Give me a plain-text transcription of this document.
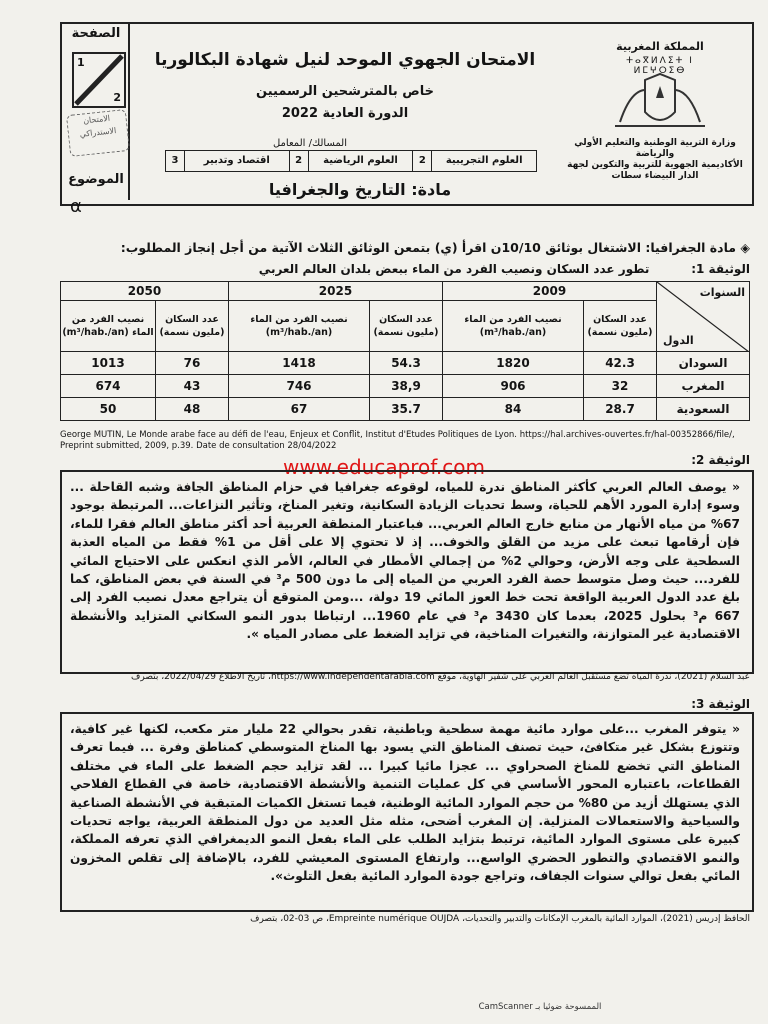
الصفحة
1
2
الامتحان الاستدراكي
الموضوع
الامتحان الجهوي الموحد لنيل شهادة البكالوريا
خاص بالمترشحين الرسميين
الدورة العادية 2022
المسالك/ المعامل
العلوم التجريبية
2
العلوم الرياضية
2
اقتصاد وتدبير
3
مادة: التاريخ والجغرافيا
المملكة المغربية
ⵜⴰⴳⵍⴷⵉⵜ ⵏ ⵍⵎⵖⵔⵉⴱ
وزارة التربية الوطنية والتعليم الأولي والرياضة
الأكاديمية الجهوية للتربية والتكوين لجهة الدار البيضاء سطات
α
◈ مادة الجغرافيا: الاشتغال بوثائق 10/10ن اقرأ (ي) بتمعن الوثائق الثلاث الآتية من أجل إنجاز المطلوب:
الوثيقة 1:          تطور عدد السكان ونصيب الفرد من الماء ببعض بلدان العالم العربي
السنوات
الدول	2009		2025		2050	
	عدد السكان (مليون نسمة)	نصيب الفرد من الماء (m³/hab./an)	عدد السكان (مليون نسمة)	نصيب الفرد من الماء (m³/hab./an)	عدد السكان (مليون نسمة)	نصيب الفرد من الماء (m³/hab./an)
السودان	42.3	1820	54.3	1418	76	1013
المغرب	32	906	38,9	746	43	674
السعودية	28.7	84	35.7	67	48	50
George MUTIN, Le Monde arabe face au défi de l'eau, Enjeux et Conflit, Institut d'Etudes Politiques de Lyon. https://hal.archives-ouvertes.fr/hal-00352866/file/, Preprint submitted, 2009, p.39. Date de consultation 28/04/2022
www.educaprof.com	الوثيقة 2:
« يوصف العالم العربي كأكثر المناطق ندرة للمياه، لوقوعه جغرافيا في حزام المناطق الجافة وشبه القاحلة ... وسوء إدارة المورد الأهم للحياة، وسط تحديات الزيادة السكانية، وتغير المناخ، وتأثير النزاعات... المرتبطة بوجود 67% من مياه الأنهار من منابع خارج العالم العربي... فباعتبار المنطقة العربية أحد أكثر مناطق العالم فقرا للماء، فإن أرقامها تبعث على مزيد من القلق والخوف... إذ لا تحتوي إلا على أقل من 1% فقط من المياه العذبة السطحية على وجه الأرض، وحوالي 2% من إجمالي الأمطار في العالم، الأمر الذي انعكس على الاحتياج المائي للفرد... حيث وصل متوسط حصة الفرد العربي من المياه إلى ما دون 500 م³ في السنة في بعض المناطق، كما بلغ عدد الدول العربية الواقعة تحت خط العوز المائي 19 دولة، ...ومن المتوقع أن يتراجع معدل نصيب الفرد إلى 667 م³ بحلول 2025، بعدما كان 3430 م³ في عام 1960... ارتباطا بدور النمو السكاني المتزايد والأنشطة الاقتصادية غير المتوازنة، والتغيرات المناخية، في تزايد الضغط على مصادر المياه ».
عبد السلام (2021)، ندرة المياه تضع مستقبل العالم العربي على شفير الهاوية، موقع https://www.independentarabia.com، تاريخ الاطلاع 2022/04/29، بتصرف
الوثيقة 3:
« يتوفر المغرب ...على موارد مائية مهمة سطحية وباطنية، تقدر بحوالي 22 مليار متر مكعب، لكنها غير كافية، وتتوزع بشكل غير متكافئ، حيث تصنف المناطق التي يسود بها المناخ المتوسطي كمناطق وفرة ... فيما تعرف المناطق التي تخضع للمناخ الصحراوي ... عجزا مائيا كبيرا ... لقد تزايد حجم الضغط على الماء في مختلف القطاعات، باعتباره المحور الأساسي في كل عمليات التنمية والأنشطة الاقتصادية، خاصة في القطاع الفلاحي الذي يستهلك أزيد من 80% من حجم الموارد المائية الوطنية، فيما تستغل الكميات المتبقية في الأنشطة الصناعية والسياحية والاستعمالات المنزلية. إن المغرب أضحى، مثله مثل العديد من دول المنطقة العربية، يواجه تحديات كبيرة على مستوى الموارد المائية، ترتبط بتزايد الطلب على الماء بفعل النمو الديمغرافي الذي تعرفه المملكة، والنمو الاقتصادي والتطور الحضري الواسع... وارتفاع المستوى المعيشي للفرد، بالإضافة إلى تقلص المخزون المائي بفعل توالي سنوات الجفاف، وتراجع جودة الموارد المائية بفعل التلوث».
الحافظ إدريس (2021)، الموارد المائية بالمغرب الإمكانات والتدبير والتحديات، Empreinte numérique OUJDA، ص 03-02، بتصرف
الممسوحة ضوئيا بـ CamScanner
